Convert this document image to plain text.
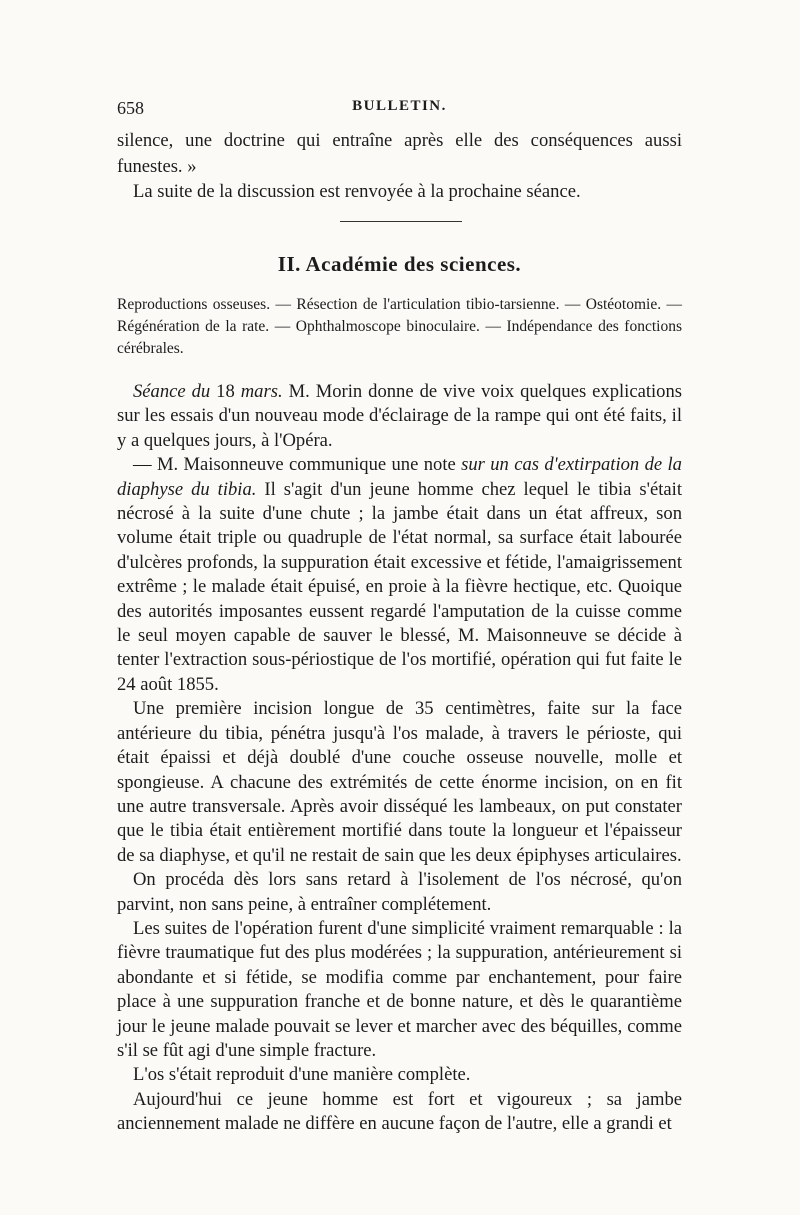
658	BULLETIN.

silence, une doctrine qui entraîne après elle des conséquences aussi funestes. »

La suite de la discussion est renvoyée à la prochaine séance.

II. Académie des sciences.
Reproductions osseuses. — Résection de l'articulation tibio-tarsienne. — Ostéotomie. — Régénération de la rate. — Ophthalmoscope binoculaire. — Indépendance des fonctions cérébrales.

Séance du 18 mars. M. Morin donne de vive voix quelques explications sur les essais d'un nouveau mode d'éclairage de la rampe qui ont été faits, il y a quelques jours, à l'Opéra.

— M. Maisonneuve communique une note sur un cas d'extirpation de la diaphyse du tibia. Il s'agit d'un jeune homme chez lequel le tibia s'était nécrosé à la suite d'une chute ; la jambe était dans un état affreux, son volume était triple ou quadruple de l'état normal, sa surface était labourée d'ulcères profonds, la suppuration était excessive et fétide, l'amaigrissement extrême ; le malade était épuisé, en proie à la fièvre hectique, etc. Quoique des autorités imposantes eussent regardé l'amputation de la cuisse comme le seul moyen capable de sauver le blessé, M. Maisonneuve se décide à tenter l'extraction sous-périostique de l'os mortifié, opération qui fut faite le 24 août 1855.

Une première incision longue de 35 centimètres, faite sur la face antérieure du tibia, pénétra jusqu'à l'os malade, à travers le périoste, qui était épaissi et déjà doublé d'une couche osseuse nouvelle, molle et spongieuse. A chacune des extrémités de cette énorme incision, on en fit une autre transversale. Après avoir disséqué les lambeaux, on put constater que le tibia était entièrement mortifié dans toute la longueur et l'épaisseur de sa diaphyse, et qu'il ne restait de sain que les deux épiphyses articulaires.

On procéda dès lors sans retard à l'isolement de l'os nécrosé, qu'on parvint, non sans peine, à entraîner complétement.

Les suites de l'opération furent d'une simplicité vraiment remarquable : la fièvre traumatique fut des plus modérées ; la suppuration, antérieurement si abondante et si fétide, se modifia comme par enchantement, pour faire place à une suppuration franche et de bonne nature, et dès le quarantième jour le jeune malade pouvait se lever et marcher avec des béquilles, comme s'il se fût agi d'une simple fracture.

L'os s'était reproduit d'une manière complète.

Aujourd'hui ce jeune homme est fort et vigoureux ; sa jambe anciennement malade ne diffère en aucune façon de l'autre, elle a grandi et
